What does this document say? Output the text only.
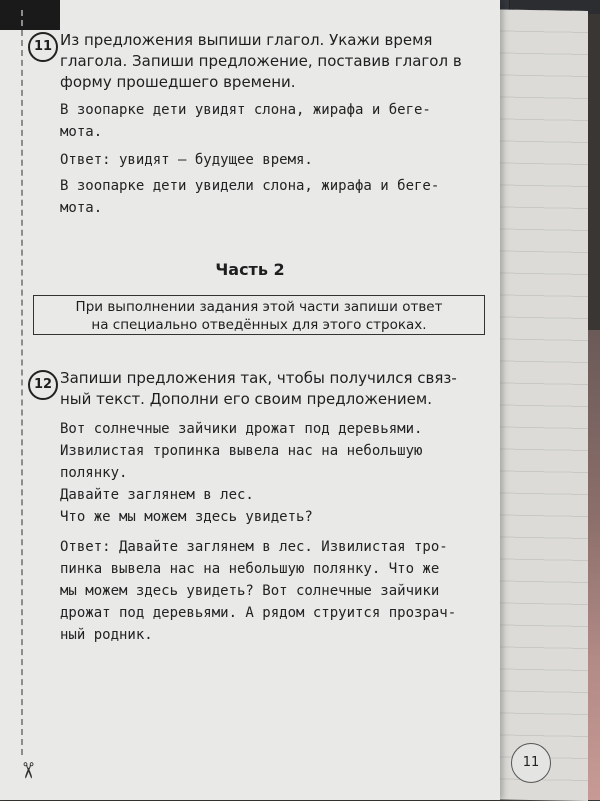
✂
11 Из предложения выпиши глагол. Укажи время
глагола. Запиши предложение, поставив глагол в
форму прошедшего времени.
В зоопарке дети увидят слона, жирафа и беге-
мота.
Ответ: увидят — будущее время.
В зоопарке дети увидели слона, жирафа и беге-
мота.
Часть 2
При выполнении задания этой части запиши ответ
на специально отведённых для этого строках.
12 Запиши предложения так, чтобы получился связ-
ный текст. Дополни его своим предложением.
Вот солнечные зайчики дрожат под деревьями.
Извилистая тропинка вывела нас на небольшую
полянку.
Давайте заглянем в лес.
Что же мы можем здесь увидеть?
Ответ: Давайте заглянем в лес. Извилистая тро-
пинка вывела нас на небольшую полянку. Что же
мы можем здесь увидеть? Вот солнечные зайчики
дрожат под деревьями. А рядом струится прозрач-
ный родник.
11
